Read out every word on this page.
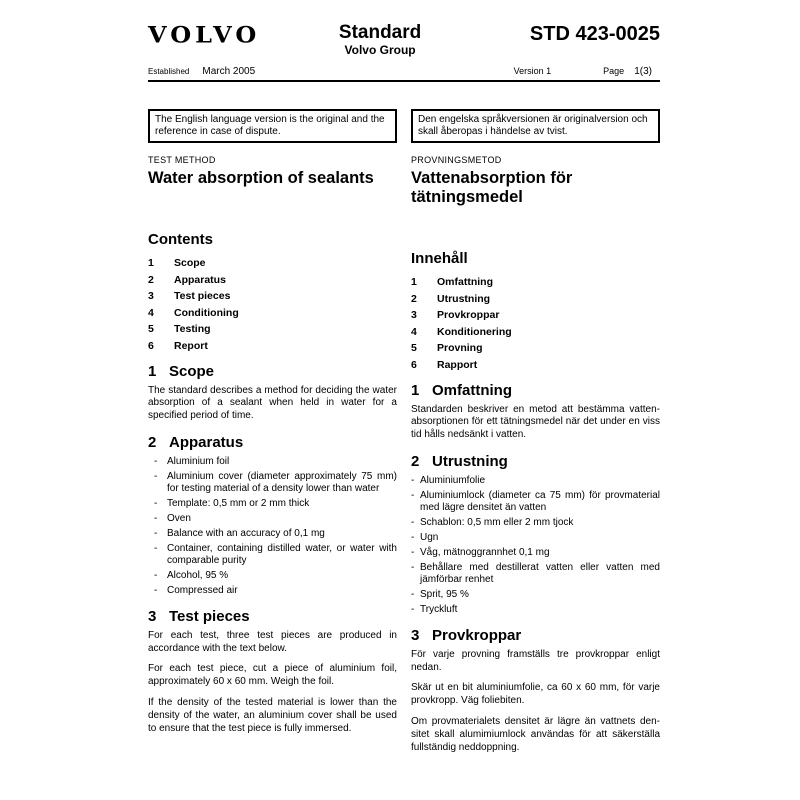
VOLVO	Standard
Volvo Group
STD 423-0025
Established March 2005	Version 1	Page 1(3)
The English language version is the original and the reference in case of dispute.
Den engelska språkversionen är originalversion och skall åberopas i händelse av tvist.
TEST METHOD
Water absorption of sealants
Contents
1	Scope
2	Apparatus
3	Test pieces
4	Conditioning
5	Testing
6	Report
1 Scope

The standard describes a method for deciding the water absorption of a sealant when held in water for a specified period of time.

2 Apparatus
- Aluminium foil
- Aluminium cover (diameter approximately 75 mm) for testing material of a density lower than water
- Template: 0,5 mm or 2 mm thick
- Oven
- Balance with an accuracy of 0,1 mg
- Container, containing distilled water, or water with comparable purity
- Alcohol, 95 %
- Compressed air
3 Test pieces

For each test, three test pieces are produced in accordance with the text below.

For each test piece, cut a piece of aluminium foil, approximately 60 x 60 mm. Weigh the foil.

If the density of the tested material is lower than the density of the water, an aluminium cover shall be used to ensure that the test piece is fully immersed.

PROVNINGSMETOD
Vattenabsorption för tätningsmedel
Innehåll
1	Omfattning
2	Utrustning
3	Provkroppar
4	Konditionering
5	Provning
6	Rapport
1 Omfattning

Standarden beskriver en metod att bestämma vatten-absorptionen för ett tätningsmedel när det under en viss tid hålls nedsänkt i vatten.

2 Utrustning
- Aluminiumfolie
- Aluminiumlock (diameter ca 75 mm) för provmaterial med lägre densitet än vatten
- Schablon: 0,5 mm eller 2 mm tjock
- Ugn
- Våg, mätnoggrannhet 0,1 mg
- Behållare med destillerat vatten eller vatten med jämförbar renhet
- Sprit, 95 %
- Tryckluft
3 Provkroppar

För varje provning framställs tre provkroppar enligt nedan.

Skär ut en bit aluminiumfolie, ca 60 x 60 mm, för varje provkropp. Väg foliebiten.

Om provmaterialets densitet är lägre än vattnets den-sitet skall alumimiumlock användas för att säkerställa fullständig neddoppning.
